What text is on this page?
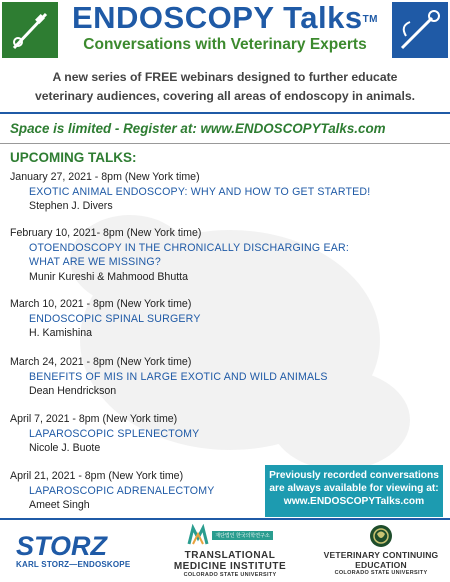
ENDOSCOPY Talks™
Conversations with Veterinary Experts
A new series of FREE webinars designed to further educate
veterinary audiences, covering all areas of endoscopy in animals.
Space is limited - Register at: www.ENDOSCOPYTalks.com
UPCOMING TALKS:
January 27, 2021 - 8pm (New York time)
EXOTIC ANIMAL ENDOSCOPY: WHY AND HOW TO GET STARTED!
Stephen J. Divers
February 10, 2021- 8pm (New York time)
OTOENDOSCOPY IN THE CHRONICALLY DISCHARGING EAR:
WHAT ARE WE MISSING?
Munir Kureshi & Mahmood Bhutta
March 10, 2021 - 8pm (New York time)
ENDOSCOPIC SPINAL SURGERY
H. Kamishina
March 24, 2021 - 8pm (New York time)
BENEFITS OF MIS IN LARGE EXOTIC AND WILD ANIMALS
Dean Hendrickson
April 7, 2021 - 8pm (New York time)
LAPAROSCOPIC SPLENECTOMY
Nicole J. Buote
April 21, 2021 - 8pm (New York time)
LAPAROSCOPIC ADRENALECTOMY
Ameet Singh
Previously recorded conversations
are always available for viewing at:
www.ENDOSCOPYTalks.com
STORZ
KARL STORZ—ENDOSKOPE
재단법인 한국의학연구소
TRANSLATIONAL
MEDICINE INSTITUTE
COLORADO STATE UNIVERSITY
VETERINARY CONTINUING
EDUCATION
COLORADO STATE UNIVERSITY
